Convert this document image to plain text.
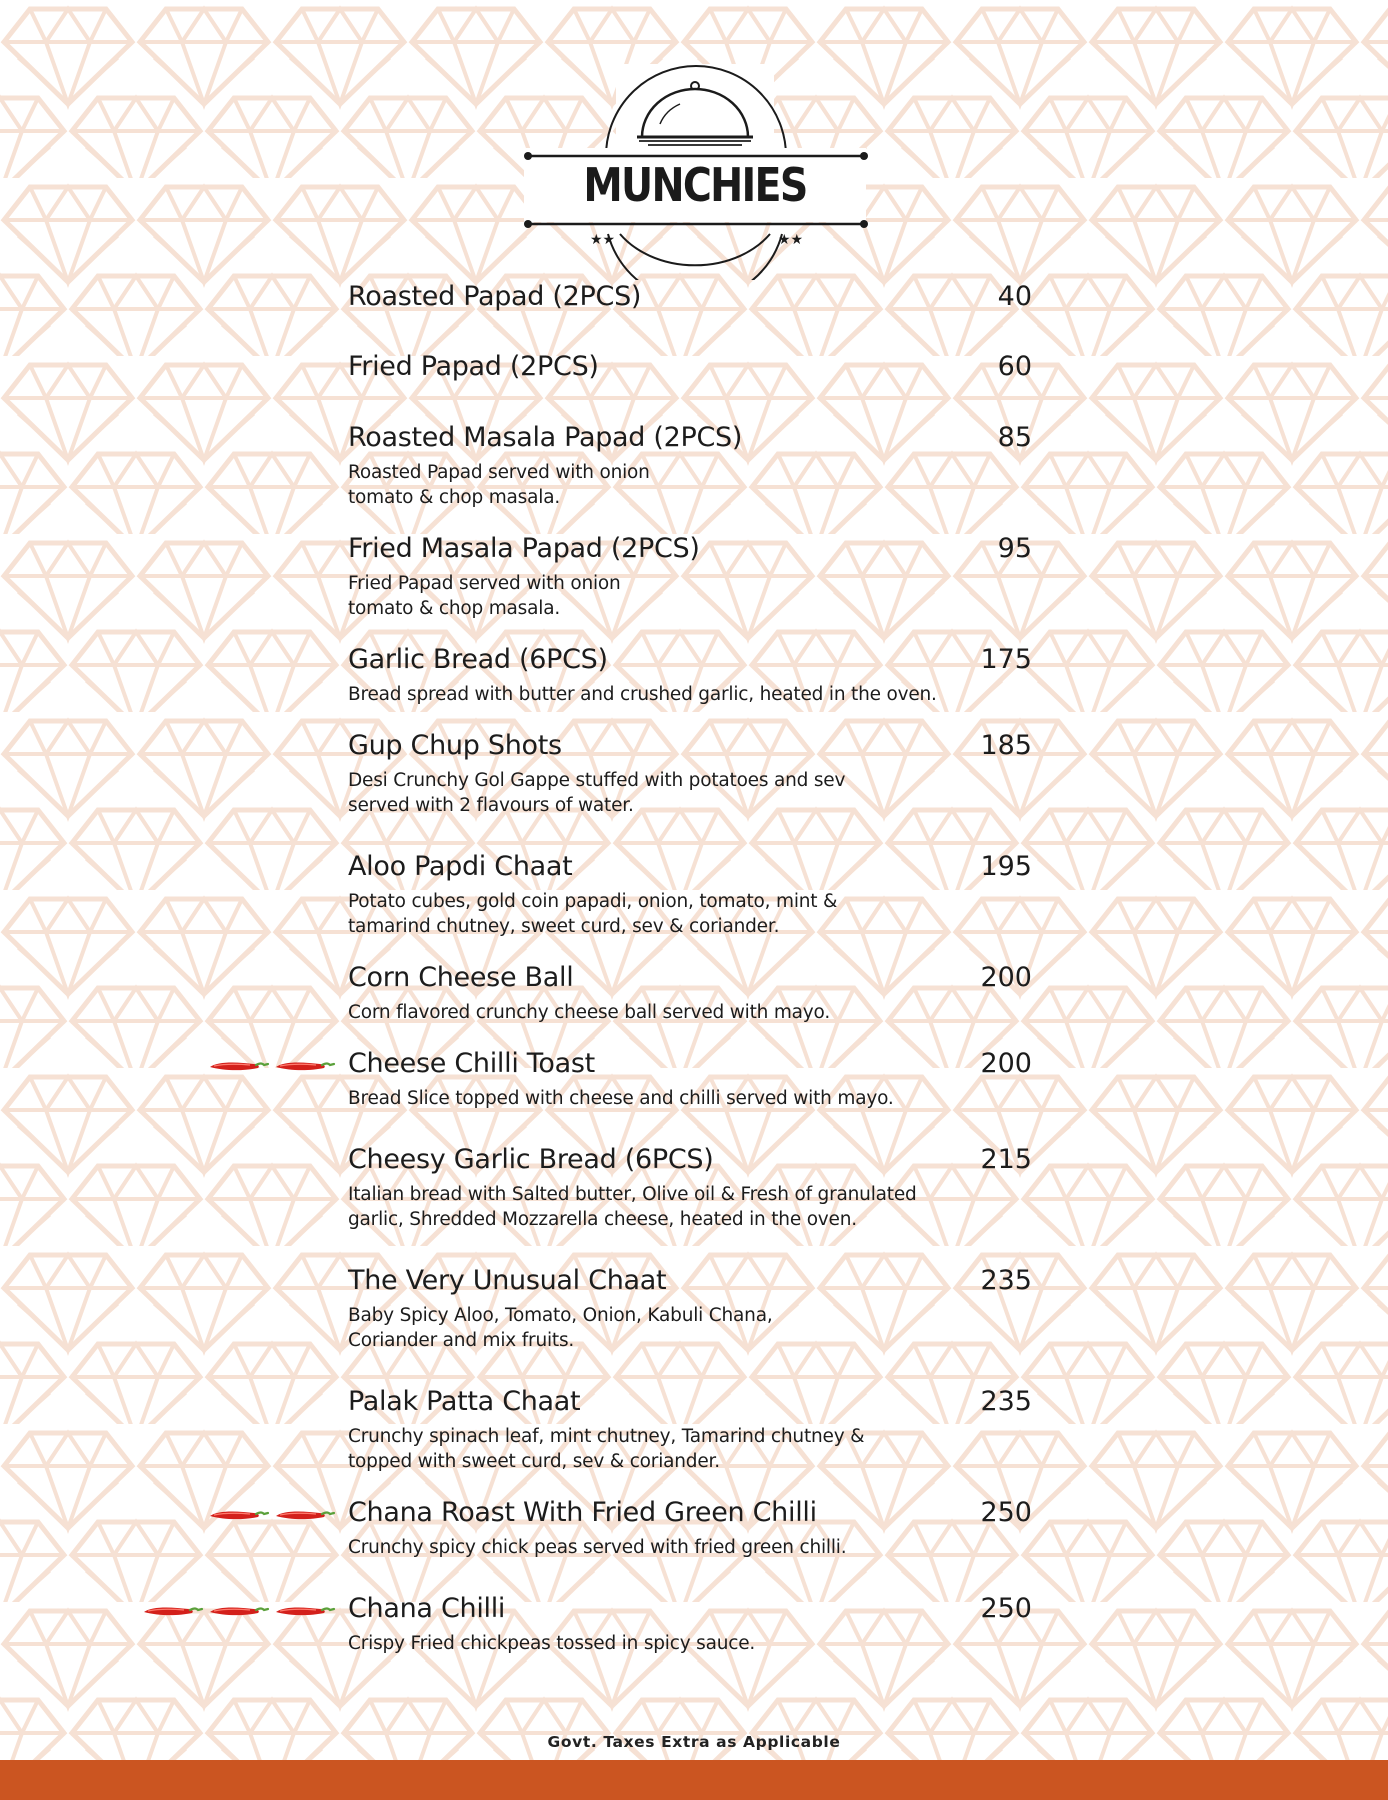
★★	★★
MUNCHIES
Roasted Papad (2PCS)	40
Fried Papad (2PCS)	60
Roasted Masala Papad (2PCS)	85
Roasted Papad served with onion
tomato & chop masala.
Fried Masala Papad (2PCS)	95
Fried Papad served with onion
tomato & chop masala.
Garlic Bread (6PCS)	175
Bread spread with butter and crushed garlic, heated in the oven.
Gup Chup Shots	185
Desi Crunchy Gol Gappe stuffed with potatoes and sev
served with 2 flavours of water.
Aloo Papdi Chaat	195
Potato cubes, gold coin papadi, onion, tomato, mint &
tamarind chutney, sweet curd, sev & coriander.
Corn Cheese Ball	200
Corn flavored crunchy cheese ball served with mayo.
Cheese Chilli Toast	200
Bread Slice topped with cheese and chilli served with mayo.
Cheesy Garlic Bread (6PCS)	215
Italian bread with Salted butter, Olive oil & Fresh of granulated
garlic, Shredded Mozzarella cheese, heated in the oven.
The Very Unusual Chaat	235
Baby Spicy Aloo, Tomato, Onion, Kabuli Chana,
Coriander and mix fruits.
Palak Patta Chaat	235
Crunchy spinach leaf, mint chutney, Tamarind chutney &
topped with sweet curd, sev & coriander.
Chana Roast With Fried Green Chilli	250
Crunchy spicy chick peas served with fried green chilli.
Chana Chilli	250
Crispy Fried chickpeas tossed in spicy sauce.
Govt. Taxes Extra as Applicable
